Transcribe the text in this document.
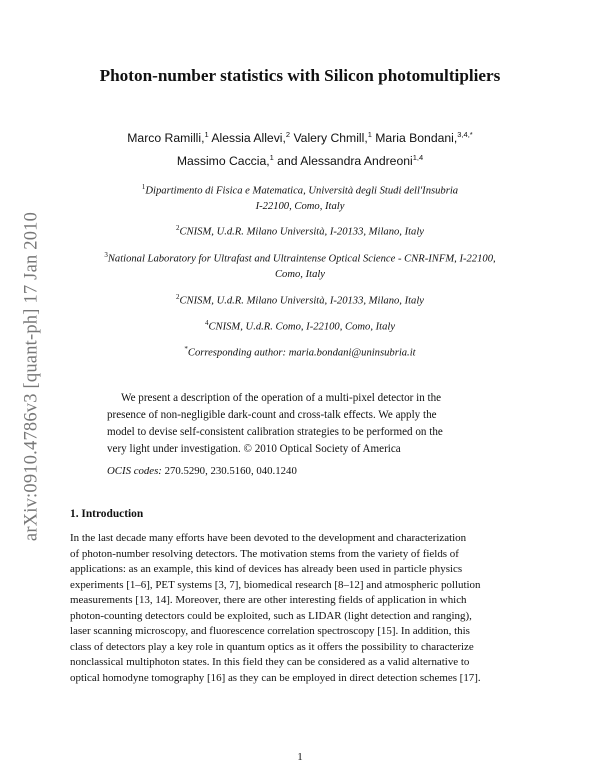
arXiv:0910.4786v3 [quant-ph] 17 Jan 2010
Photon-number statistics with Silicon photomultipliers
Marco Ramilli,$^1$ Alessia Allevi,$^2$ Valery Chmill,$^1$ Maria Bondani,$^{3,4,*}$
Massimo Caccia,$^1$ and Alessandra Andreoni$^{1,4}$
$^1$Dipartimento di Fisica e Matematica, Università degli Studi dell'Insubria
I-22100, Como, Italy
$^2$CNISM, U.d.R. Milano Università, I-20133, Milano, Italy
$^3$National Laboratory for Ultrafast and Ultraintense Optical Science - CNR-INFM, I-22100,
Como, Italy
$^2$CNISM, U.d.R. Milano Università, I-20133, Milano, Italy
$^4$CNISM, U.d.R. Como, I-22100, Como, Italy
*Corresponding author: maria.bondani@uninsubria.it
We present a description of the operation of a multi-pixel detector in the
presence of non-negligible dark-count and cross-talk effects. We apply the
model to devise self-consistent calibration strategies to be performed on the
very light under investigation. © 2010 Optical Society of America
OCIS codes: 270.5290, 230.5160, 040.1240
1. Introduction
In the last decade many efforts have been devoted to the development and characterization
of photon-number resolving detectors. The motivation stems from the variety of fields of
applications: as an example, this kind of devices has already been used in particle physics
experiments [1–6], PET systems [3, 7], biomedical research [8–12] and atmospheric pollution
measurements [13, 14]. Moreover, there are other interesting fields of application in which
photon-counting detectors could be exploited, such as LIDAR (light detection and ranging),
laser scanning microscopy, and fluorescence correlation spectroscopy [15]. In addition, this
class of detectors play a key role in quantum optics as it offers the possibility to characterize
nonclassical multiphoton states. In this field they can be considered as a valid alternative to
optical homodyne tomography [16] as they can be employed in direct detection schemes [17].
1
